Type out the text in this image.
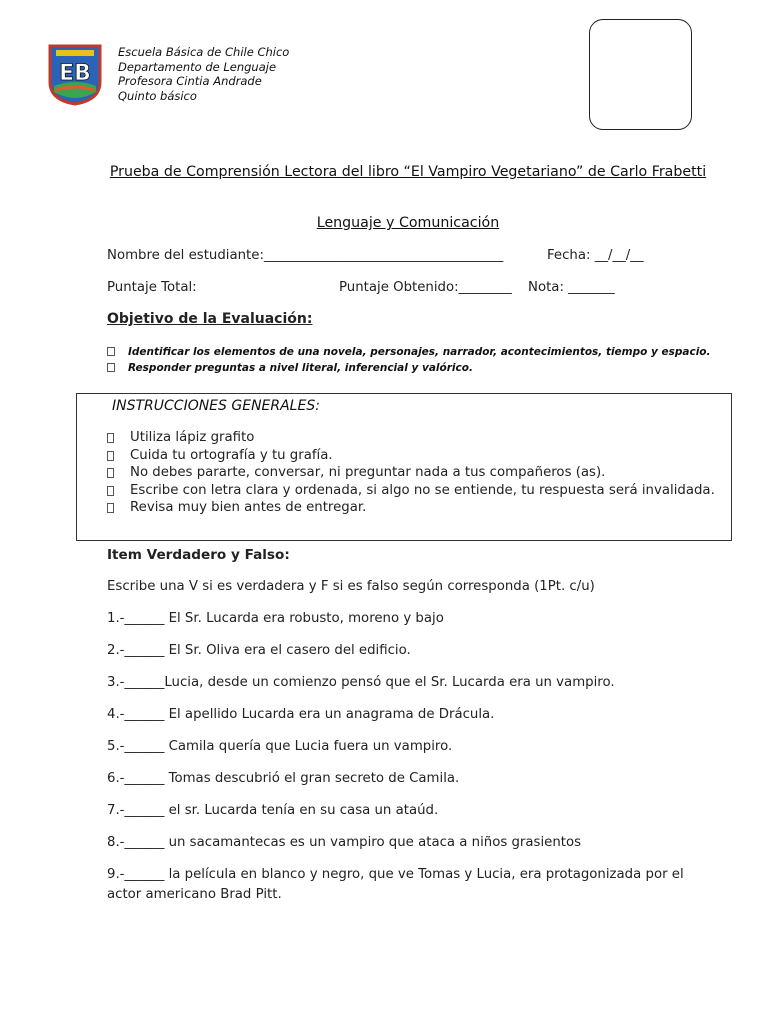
EB
Escuela Básica de Chile Chico
Departamento de Lenguaje
Profesora Cintia Andrade
Quinto básico
Prueba de Comprensión Lectora del libro “El Vampiro Vegetariano” de Carlo Frabetti
Lenguaje y Comunicación
Nombre del estudiante:____________________________________	Fecha: __/__/__
Puntaje Total:	Puntaje Obtenido:________ Nota: _______
Objetivo de la Evaluación:
Identificar los elementos de una novela, personajes, narrador, acontecimientos, tiempo y espacio.
Responder preguntas a nivel literal, inferencial y valórico.
INSTRUCCIONES GENERALES:
Utiliza lápiz grafito
Cuida tu ortografía y tu grafía.
No debes pararte, conversar, ni preguntar nada a tus compañeros (as).
Escribe con letra clara y ordenada, si algo no se entiende, tu respuesta será invalidada.
Revisa muy bien antes de entregar.
Item Verdadero y Falso:
Escribe una V si es verdadera y F si es falso según corresponda (1Pt. c/u)
1.-______ El Sr. Lucarda era robusto, moreno y bajo
2.-______ El Sr. Oliva era el casero del edificio.
3.-______Lucia, desde un comienzo pensó que el Sr. Lucarda era un vampiro.
4.-______ El apellido Lucarda era un anagrama de Drácula.
5.-______ Camila quería que Lucia fuera un vampiro.
6.-______ Tomas descubrió el gran secreto de Camila.
7.-______ el sr. Lucarda tenía en su casa un ataúd.
8.-______ un sacamantecas es un vampiro que ataca a niños grasientos
9.-______ la película en blanco y negro, que ve Tomas y Lucia, era protagonizada por el actor americano Brad Pitt.
